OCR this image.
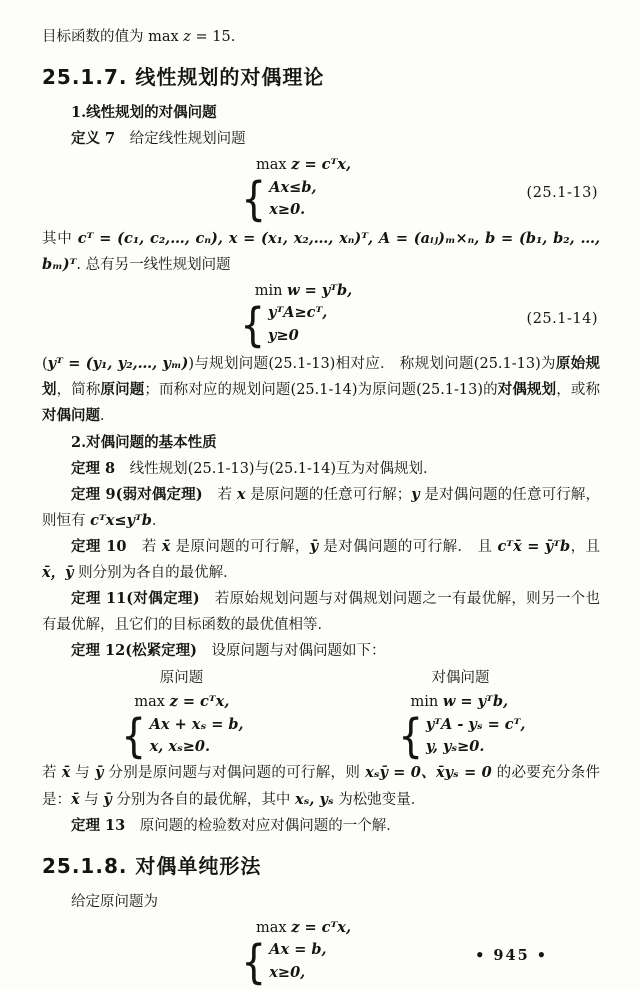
目标函数的值为 max z = 15.

25.1.7. 线性规划的对偶理论

1.线性规划的对偶问题

定义 7　给定线性规划问题

max z = cᵀx,
{ Ax≤b,
x≥0.
(25.1-13)

其中 cᵀ = (c₁, c₂,…, cₙ), x = (x₁, x₂,…, xₙ)ᵀ, A = (aᵢⱼ)ₘ×ₙ, b = (b₁, b₂, …, bₘ)ᵀ. 总有另一线性规划问题

min w = yᵀb,
{ yᵀA≥cᵀ,
y≥0
(25.1-14)

(yᵀ = (y₁, y₂,…, yₘ))与规划问题(25.1-13)相对应． 称规划问题(25.1-13)为原始规划，简称原问题；而称对应的规划问题(25.1-14)为原问题(25.1-13)的对偶规划，或称对偶问题．

2.对偶问题的基本性质

定理 8　线性规划(25.1-13)与(25.1-14)互为对偶规划．

定理 9(弱对偶定理)　若 x 是原问题的任意可行解；y 是对偶问题的任意可行解，则恒有 cᵀx≤yᵀb．

定理 10　若 x̄ 是原问题的可行解，ȳ 是对偶问题的可行解． 且 cᵀx̄ = ȳᵀb，且 x̄，ȳ 则分别为各自的最优解．

定理 11(对偶定理)　若原始规划问题与对偶规划问题之一有最优解，则另一个也有最优解，且它们的目标函数的最优值相等．

定理 12(松紧定理)　设原问题与对偶问题如下：

原问题
max z = cᵀx,
{ Ax + xₛ = b,
x, xₛ≥0.
对偶问题
min w = yᵀb,
{ yᵀA - yₛ = cᵀ,
y, yₛ≥0.

若 x̄ 与 ȳ 分别是原问题与对偶问题的可行解，则 xₛȳ = 0、x̄yₛ = 0 的必要充分条件是：x̄ 与 ȳ 分别为各自的最优解，其中 xₛ, yₛ 为松弛变量．

定理 13　原问题的检验数对应对偶问题的一个解．

25.1.8. 对偶单纯形法

给定原问题为

max z = cᵀx,
{ Ax = b,
x≥0,
• 945 •
